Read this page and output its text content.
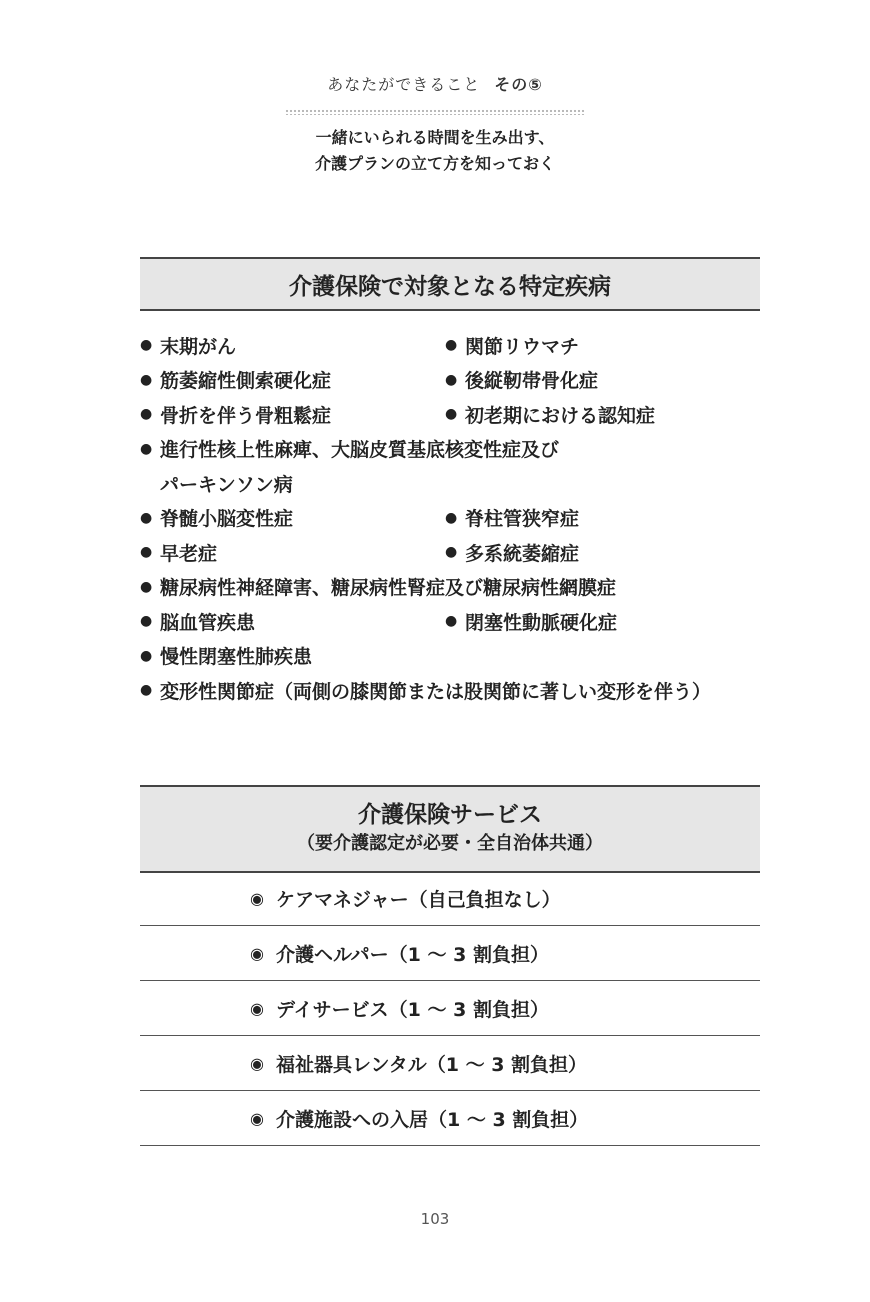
あなたができること その⑤
一緒にいられる時間を生み出す、
介護プランの立て方を知っておく
介護保険で対象となる特定疾病
● 末期がん	● 関節リウマチ
● 筋萎縮性側索硬化症	● 後縦靭帯骨化症
● 骨折を伴う骨粗鬆症	● 初老期における認知症
● 進行性核上性麻痺、大脳皮質基底核変性症及び
パーキンソン病
● 脊髄小脳変性症	● 脊柱管狭窄症
● 早老症	● 多系統萎縮症
● 糖尿病性神経障害、糖尿病性腎症及び糖尿病性網膜症
● 脳血管疾患	● 閉塞性動脈硬化症
● 慢性閉塞性肺疾患
● 変形性関節症（両側の膝関節または股関節に著しい変形を伴う）
介護保険サービス
（要介護認定が必要・全自治体共通）
◉ ケアマネジャー（自己負担なし）
◉ 介護ヘルパー（1 ～ 3 割負担）
◉ デイサービス（1 ～ 3 割負担）
◉ 福祉器具レンタル（1 ～ 3 割負担）
◉ 介護施設への入居（1 ～ 3 割負担）
103
